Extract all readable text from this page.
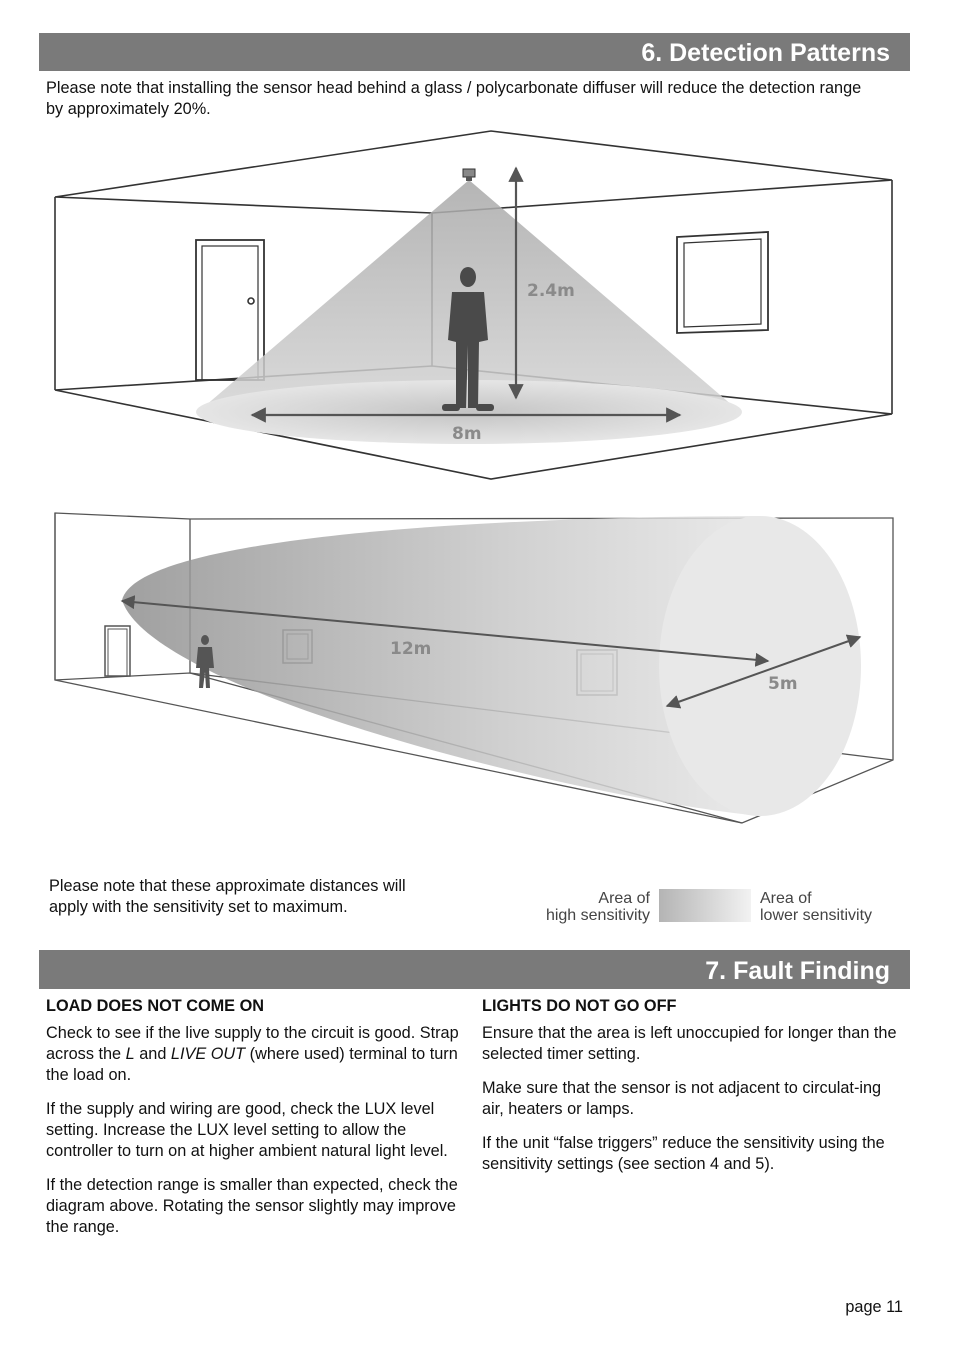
6. Detection Patterns
Please note that installing the sensor head behind a glass / polycarbonate diffuser will reduce the detection range by approximately 20%.
2.4m
8m
12m
5m
Please note that these approximate distances will apply with the sensitivity set to maximum.	Area of
high sensitivity
Area of
lower sensitivity
7. Fault Finding

LOAD DOES NOT COME ON

Check to see if the live supply to the circuit is good. Strap across the L and LIVE OUT (where used) terminal to turn the load on.

If the supply and wiring are good, check the LUX level setting. Increase the LUX level setting to allow the controller to turn on at higher ambient natural light level.

If the detection range is smaller than expected, check the diagram above. Rotating the sensor slightly may improve the range.

LIGHTS DO NOT GO OFF

Ensure that the area is left unoccupied for longer than the selected timer setting.

Make sure that the sensor is not adjacent to circulat-ing air, heaters or lamps.

If the unit “false triggers” reduce the sensitivity using the sensitivity settings (see section 4 and 5).

page 11
